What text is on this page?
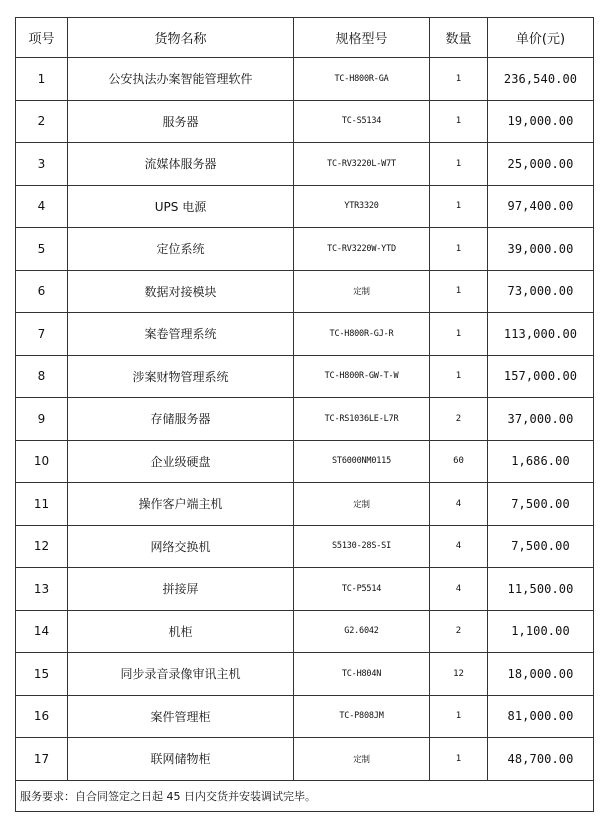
项号	货物名称	规格型号	数量	单价(元)
1	公安执法办案智能管理软件	TC-H800R-GA	1	236,540.00
2	服务器	TC-S5134	1	19,000.00
3	流媒体服务器	TC-RV3220L-W7T	1	25,000.00
4	UPS 电源	YTR3320	1	97,400.00
5	定位系统	TC-RV3220W-YTD	1	39,000.00
6	数据对接模块	定制	1	73,000.00
7	案卷管理系统	TC-H800R-GJ-R	1	113,000.00
8	涉案财物管理系统	TC-H800R-GW-T-W	1	157,000.00
9	存储服务器	TC-RS1036LE-L7R	2	37,000.00
10	企业级硬盘	ST6000NM0115	60	1,686.00
11	操作客户端主机	定制	4	7,500.00
12	网络交换机	S5130-28S-SI	4	7,500.00
13	拼接屏	TC-P5514	4	11,500.00
14	机柜	G2.6042	2	1,100.00
15	同步录音录像审讯主机	TC-H804N	12	18,000.00
16	案件管理柜	TC-P808JM	1	81,000.00
17	联网储物柜	定制	1	48,700.00
服务要求：自合同签定之日起 45 日内交货并安装调试完毕。				
